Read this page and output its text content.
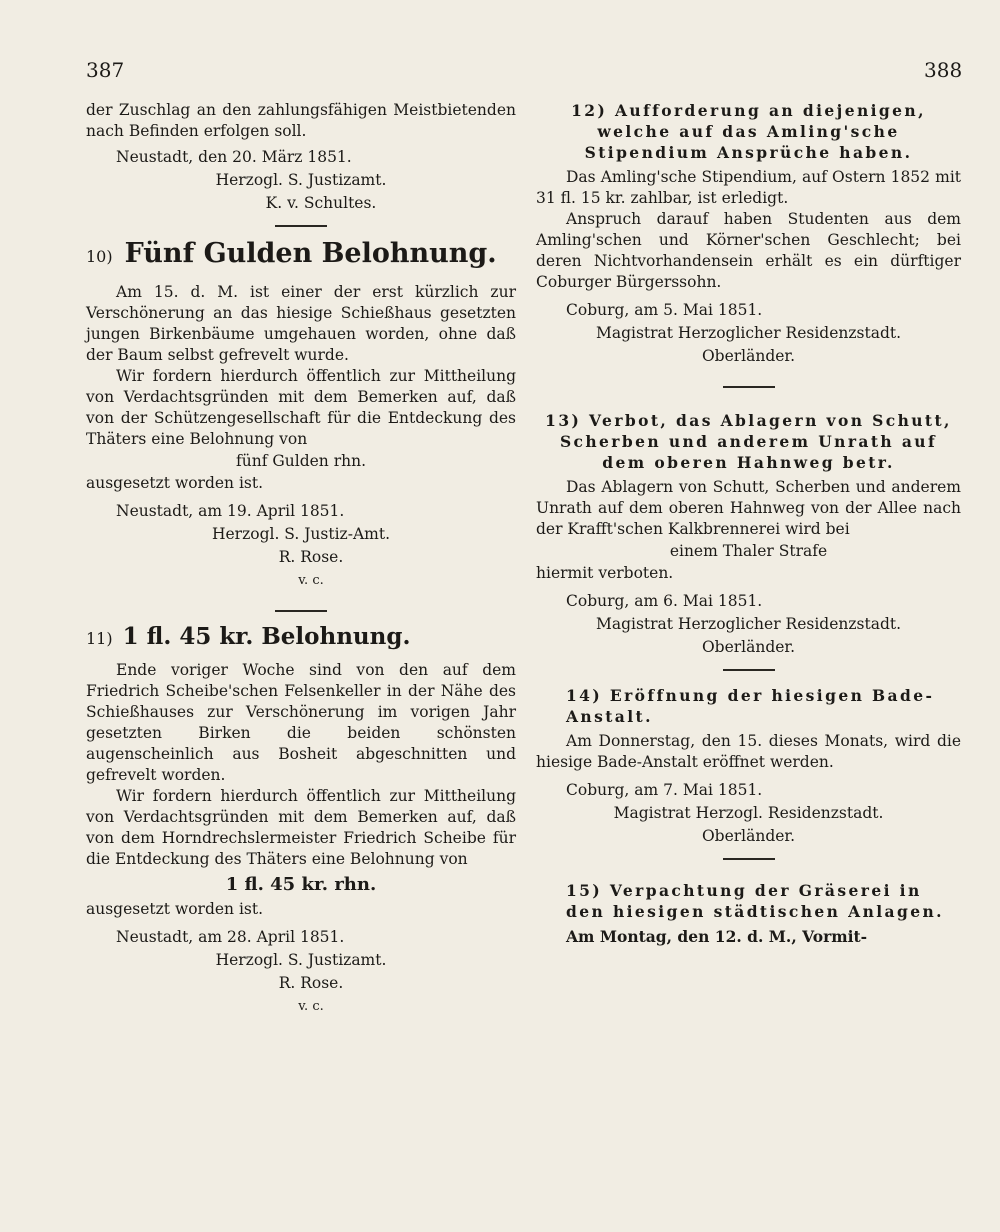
387	388

der Zuschlag an den zahlungsfähigen Meistbietenden nach Befinden erfolgen soll.

Neustadt, den 20. März 1851.

Herzogl. S. Justizamt.

K. v. Schultes.

10) Fünf Gulden Belohnung.

Am 15. d. M. ist einer der erst kürzlich zur Verschönerung an das hiesige Schießhaus gesetzten jungen Birkenbäume umgehauen worden, ohne daß der Baum selbst gefrevelt wurde.

Wir fordern hierdurch öffentlich zur Mittheilung von Verdachtsgründen mit dem Bemerken auf, daß von der Schützengesellschaft für die Entdeckung des Thäters eine Belohnung von

fünf Gulden rhn.

ausgesetzt worden ist.

Neustadt, am 19. April 1851.

Herzogl. S. Justiz-Amt.

R. Rose.

v. c.

11) 1 fl. 45 kr. Belohnung.

Ende voriger Woche sind von den auf dem Friedrich Scheibe'schen Felsenkeller in der Nähe des Schießhauses zur Verschönerung im vorigen Jahr gesetzten Birken die beiden schönsten augenscheinlich aus Bosheit abgeschnitten und gefrevelt worden.

Wir fordern hierdurch öffentlich zur Mittheilung von Verdachtsgründen mit dem Bemerken auf, daß von dem Horndrechslermeister Friedrich Scheibe für die Entdeckung des Thäters eine Belohnung von

1 fl. 45 kr. rhn.

ausgesetzt worden ist.

Neustadt, am 28. April 1851.

Herzogl. S. Justizamt.

R. Rose.

v. c.

12) Aufforderung an diejenigen, welche auf das Amling'sche Stipendium Ansprüche haben.

Das Amling'sche Stipendium, auf Ostern 1852 mit 31 fl. 15 kr. zahlbar, ist erledigt.

Anspruch darauf haben Studenten aus dem Amling'schen und Körner'schen Geschlecht; bei deren Nichtvorhandensein erhält es ein dürftiger Coburger Bürgerssohn.

Coburg, am 5. Mai 1851.

Magistrat Herzoglicher Residenzstadt.

Oberländer.

13) Verbot, das Ablagern von Schutt, Scherben und anderem Unrath auf dem oberen Hahnweg betr.

Das Ablagern von Schutt, Scherben und anderem Unrath auf dem oberen Hahnweg von der Allee nach der Krafft'schen Kalkbrennerei wird bei

einem Thaler Strafe

hiermit verboten.

Coburg, am 6. Mai 1851.

Magistrat Herzoglicher Residenzstadt.

Oberländer.

14) Eröffnung der hiesigen Bade-Anstalt.

Am Donnerstag, den 15. dieses Monats, wird die hiesige Bade-Anstalt eröffnet werden.

Coburg, am 7. Mai 1851.

Magistrat Herzogl. Residenzstadt.

Oberländer.

15) Verpachtung der Gräserei in den hiesigen städtischen Anlagen.

Am Montag, den 12. d. M., Vormit-
